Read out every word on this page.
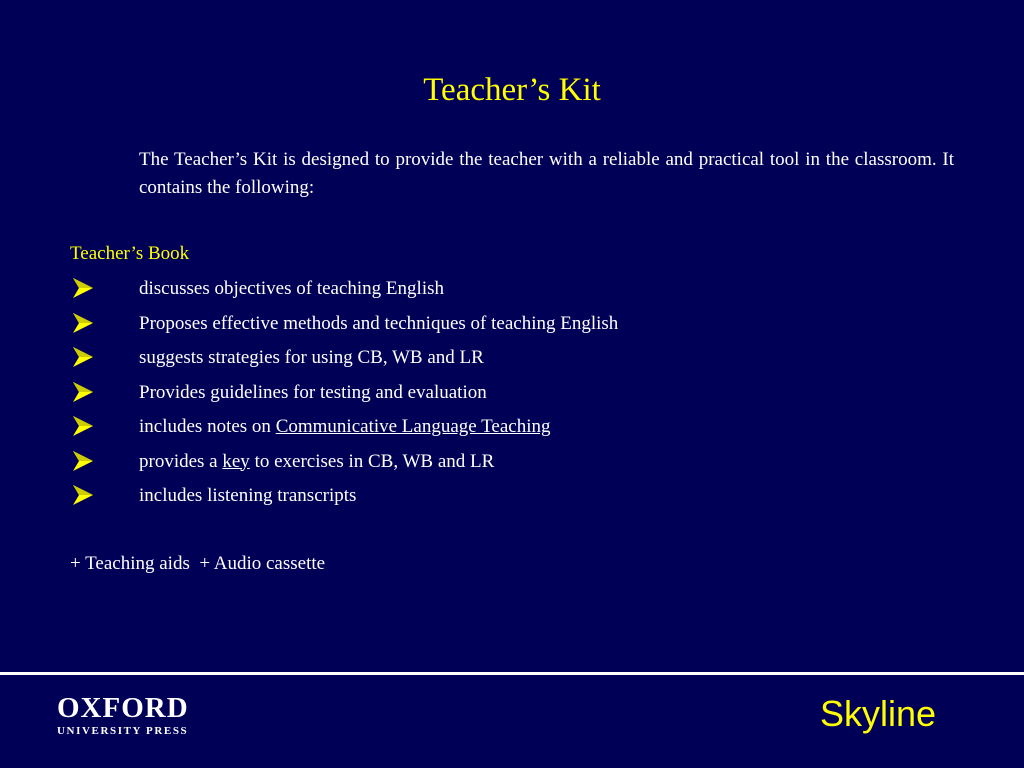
Teacher’s Kit
The Teacher’s Kit is designed to provide the teacher with a reliable and practical tool in the classroom. It contains the following:
Teacher’s Book
discusses objectives of teaching English
Proposes effective methods and techniques of teaching English
suggests strategies for using CB, WB and LR
Provides guidelines for testing and evaluation
includes notes on Communicative Language Teaching
provides a key to exercises in CB, WB and LR
includes listening transcripts
+ Teaching aids  + Audio cassette
OXFORD
UNIVERSITY PRESS	Skyline
